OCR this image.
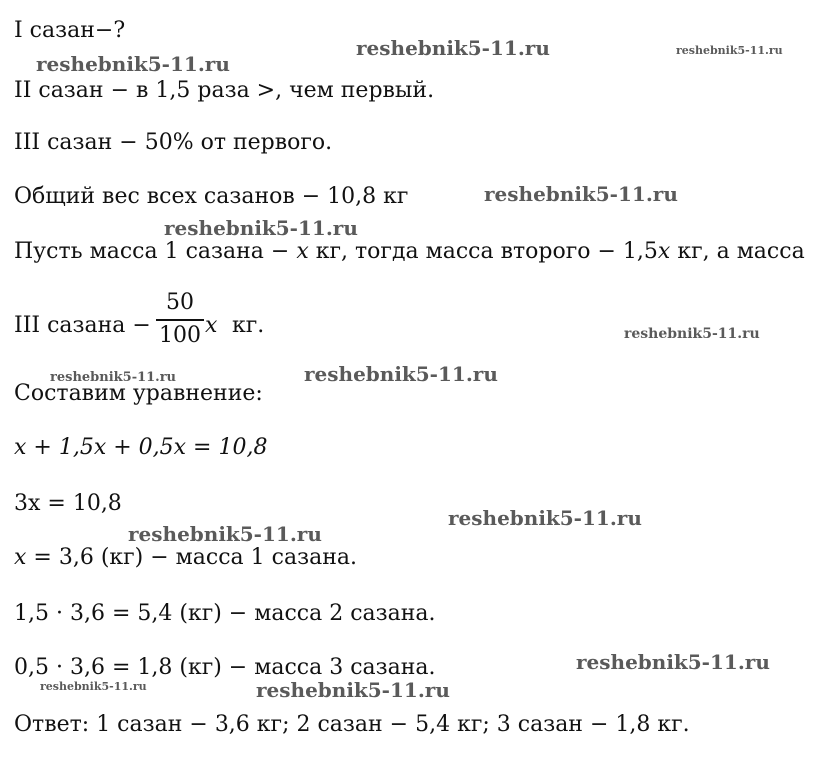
I сазан−?
II сазан − в 1,5 раза >, чем первый.
III сазан − 50% от первого.
Общий вес всех сазанов − 10,8 кг
Пусть масса 1 сазана − x кг, тогда масса второго − 1,5x кг, а масса
III сазана −
50
100 x кг.
Составим уравнение:
x + 1,5x + 0,5x = 10,8
3x = 10,8
x = 3,6 (кг) − масса 1 сазана.
1,5 · 3,6 = 5,4 (кг) − масса 2 сазана.
0,5 · 3,6 = 1,8 (кг) − масса 3 сазана.
Ответ: 1 сазан − 3,6 кг; 2 сазан − 5,4 кг; 3 сазан − 1,8 кг.
reshebnik5-11.ru
reshebnik5-11.ru
reshebnik5-11.ru
reshebnik5-11.ru
reshebnik5-11.ru
reshebnik5-11.ru
reshebnik5-11.ru
reshebnik5-11.ru
reshebnik5-11.ru
reshebnik5-11.ru
reshebnik5-11.ru
reshebnik5-11.ru	reshebnik5-11.ru
